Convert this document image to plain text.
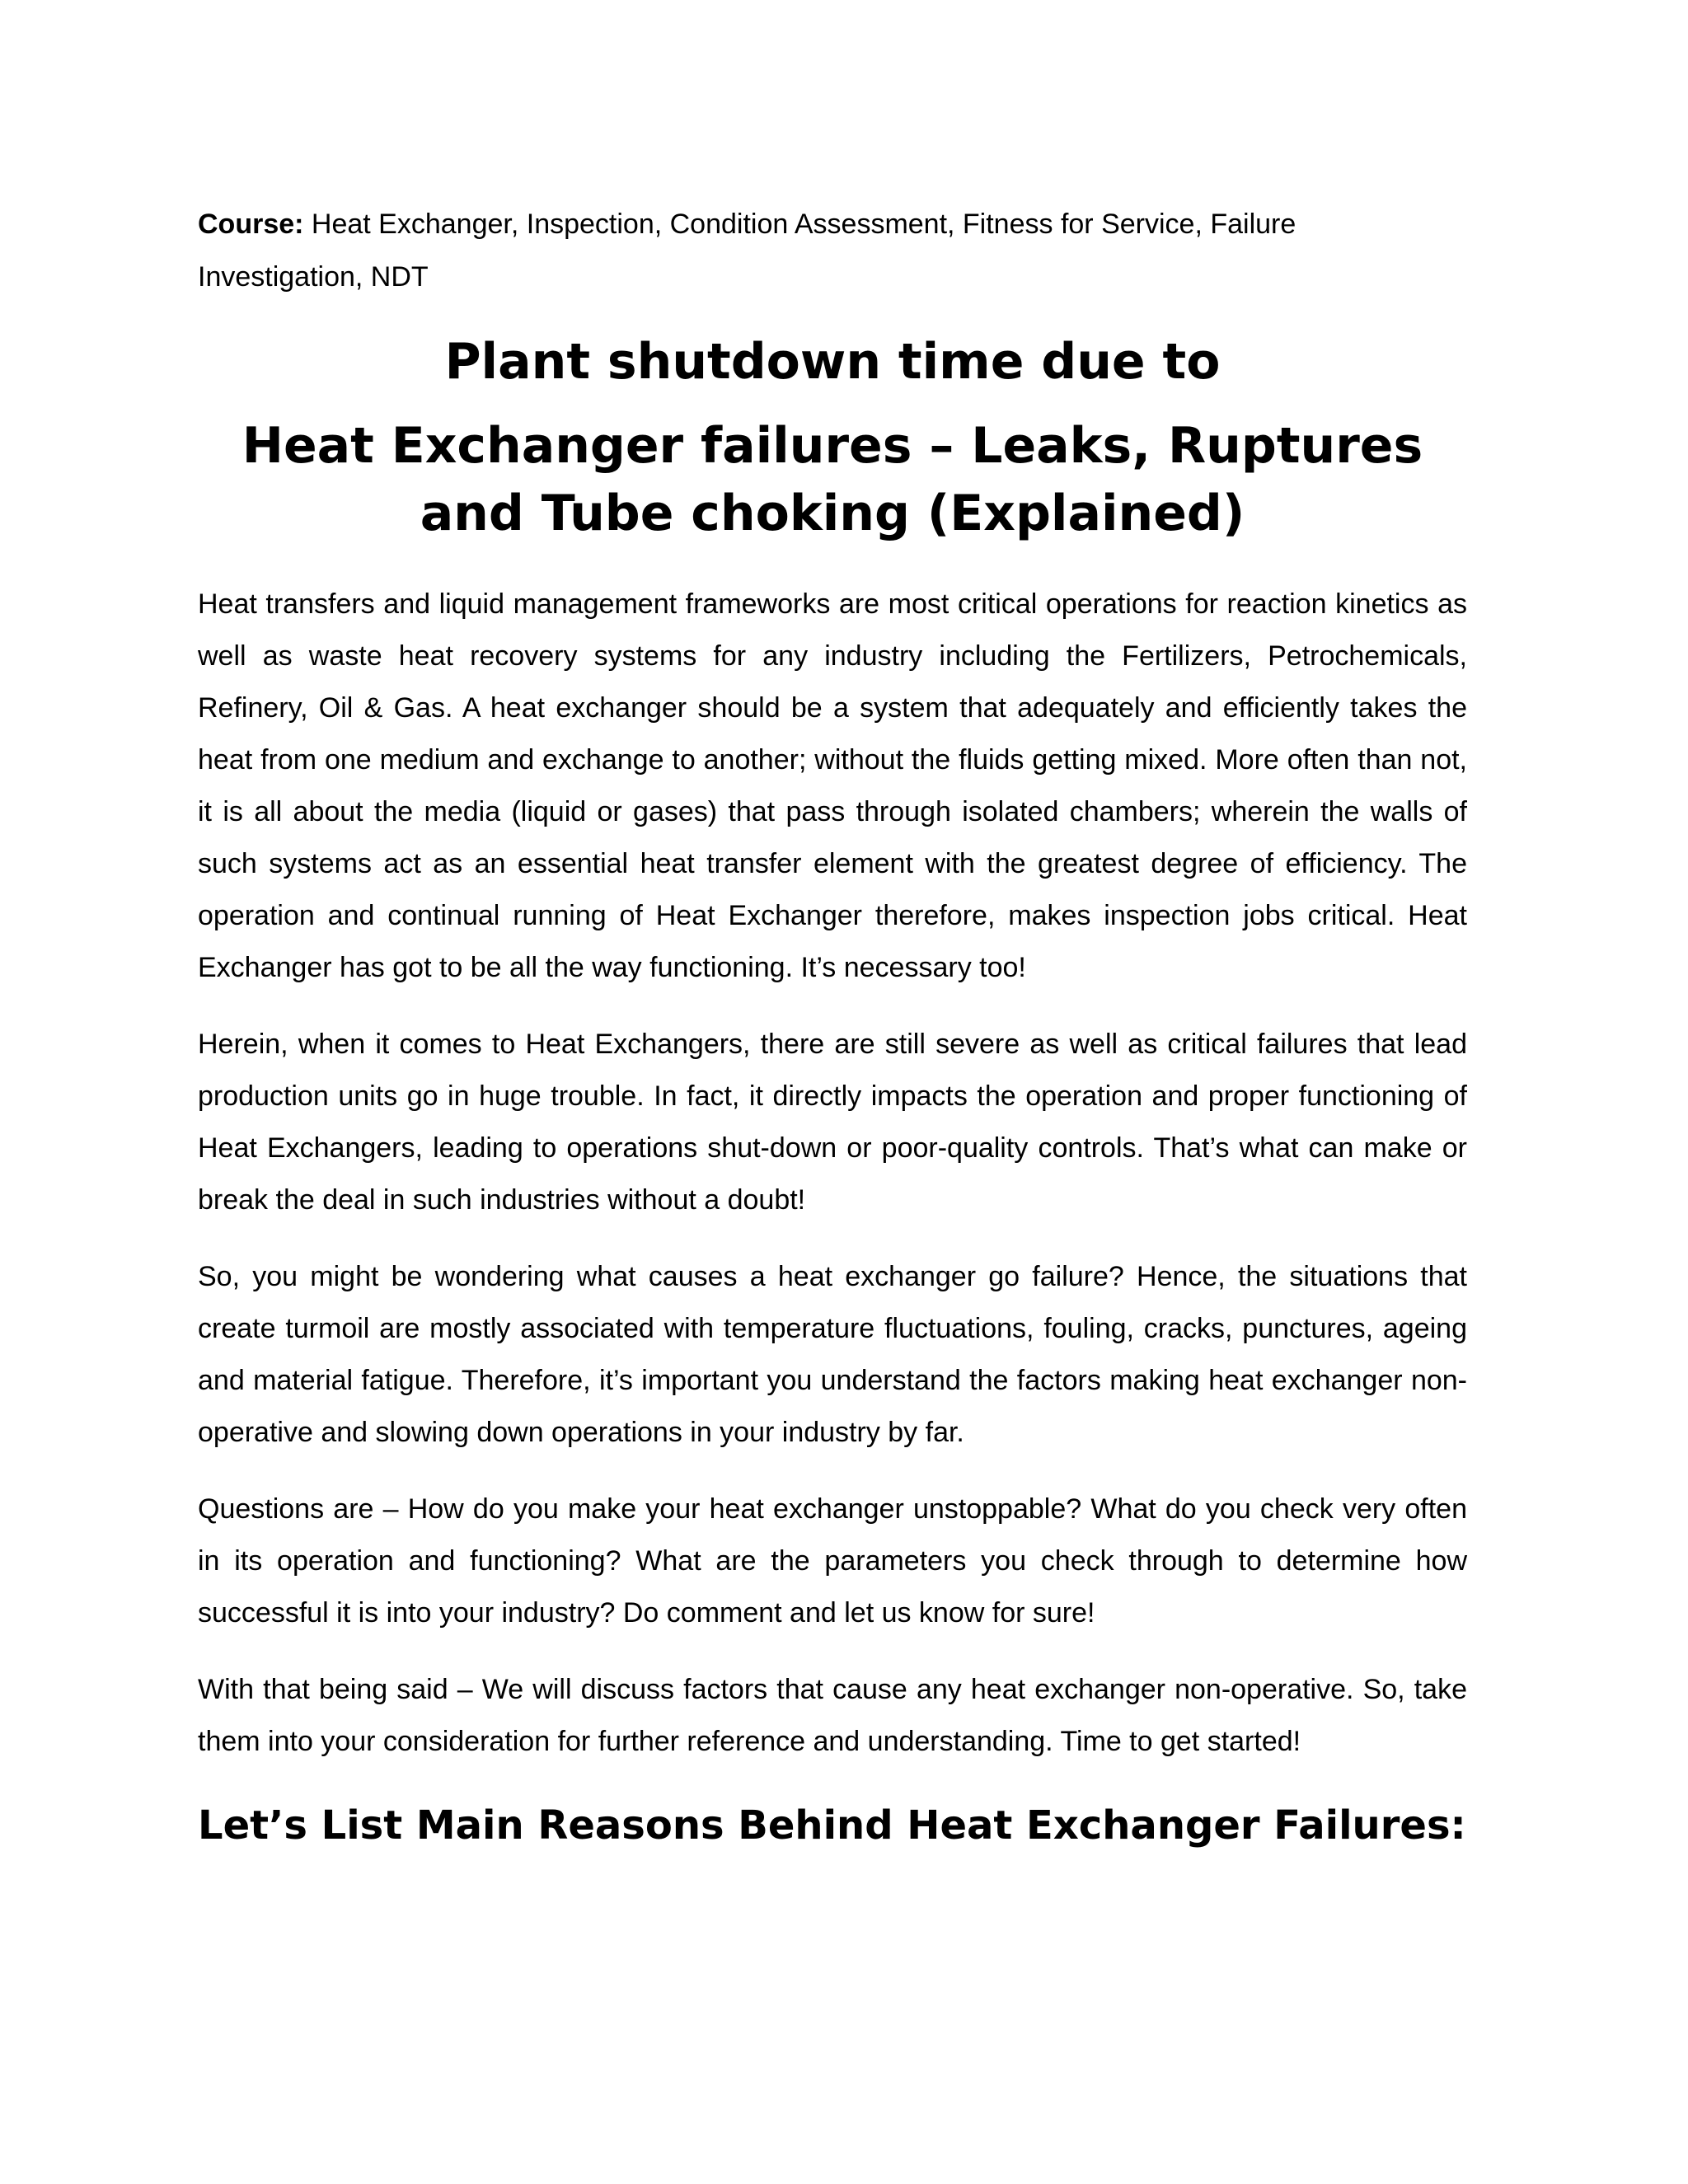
Course: Heat Exchanger, Inspection, Condition Assessment, Fitness for Service, Failure Investigation, NDT

Plant shutdown time due to
Heat Exchanger failures – Leaks, Ruptures and Tube choking (Explained)

Heat transfers and liquid management frameworks are most critical operations for reaction kinetics as well as waste heat recovery systems for any industry including the Fertilizers, Petrochemicals, Refinery, Oil & Gas. A heat exchanger should be a system that adequately and efficiently takes the heat from one medium and exchange to another; without the fluids getting mixed. More often than not, it is all about the media (liquid or gases) that pass through isolated chambers; wherein the walls of such systems act as an essential heat transfer element with the greatest degree of efficiency. The operation and continual running of Heat Exchanger therefore, makes inspection jobs critical. Heat Exchanger has got to be all the way functioning. It’s necessary too!

Herein, when it comes to Heat Exchangers, there are still severe as well as critical failures that lead production units go in huge trouble. In fact, it directly impacts the operation and proper functioning of Heat Exchangers, leading to operations shut-down or poor-quality controls. That’s what can make or break the deal in such industries without a doubt!

So, you might be wondering what causes a heat exchanger go failure? Hence, the situations that create turmoil are mostly associated with temperature fluctuations, fouling, cracks, punctures, ageing and material fatigue. Therefore, it’s important you understand the factors making heat exchanger non-operative and slowing down operations in your industry by far.

Questions are – How do you make your heat exchanger unstoppable? What do you check very often in its operation and functioning? What are the parameters you check through to determine how successful it is into your industry? Do comment and let us know for sure!

With that being said – We will discuss factors that cause any heat exchanger non-operative. So, take them into your consideration for further reference and understanding. Time to get started!

Let’s List Main Reasons Behind Heat Exchanger Failures:
